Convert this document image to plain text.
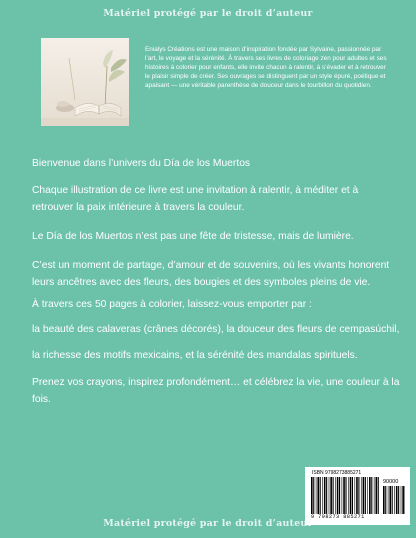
Matériel protégé par le droit d’auteur
Enialys Créations est une maison d’inspiration fondée par Sylvaine, passionnée par l’art, le voyage et la sérénité. À travers ses livres de coloriage zen pour adultes et ses histoires à colorier pour enfants, elle invite chacun à ralentir, à s’évader et à retrouver le plaisir simple de créer. Ses ouvrages se distinguent par un style épuré, poétique et apaisant — une véritable parenthèse de douceur dans le tourbillon du quotidien.

Bienvenue dans l’univers du Día de los Muertos

Chaque illustration de ce livre est une invitation à ralentir, à méditer et à retrouver la paix intérieure à travers la couleur.

Le Día de los Muertos n’est pas une fête de tristesse, mais de lumière.

C’est un moment de partage, d’amour et de souvenirs, où les vivants honorent leurs ancêtres avec des fleurs, des bougies et des symboles pleins de vie.

À travers ces 50 pages à colorier, laissez-vous emporter par :

la beauté des calaveras (crânes décorés), la douceur des fleurs de cempasúchil,

la richesse des motifs mexicains, et la sérénité des mandalas spirituels.

Prenez vos crayons, inspirez profondément… et célébrez la vie, une couleur à la fois.

ISBN 9798273885271
90000
9 798273 885271
Matériel protégé par le droit d’auteur
